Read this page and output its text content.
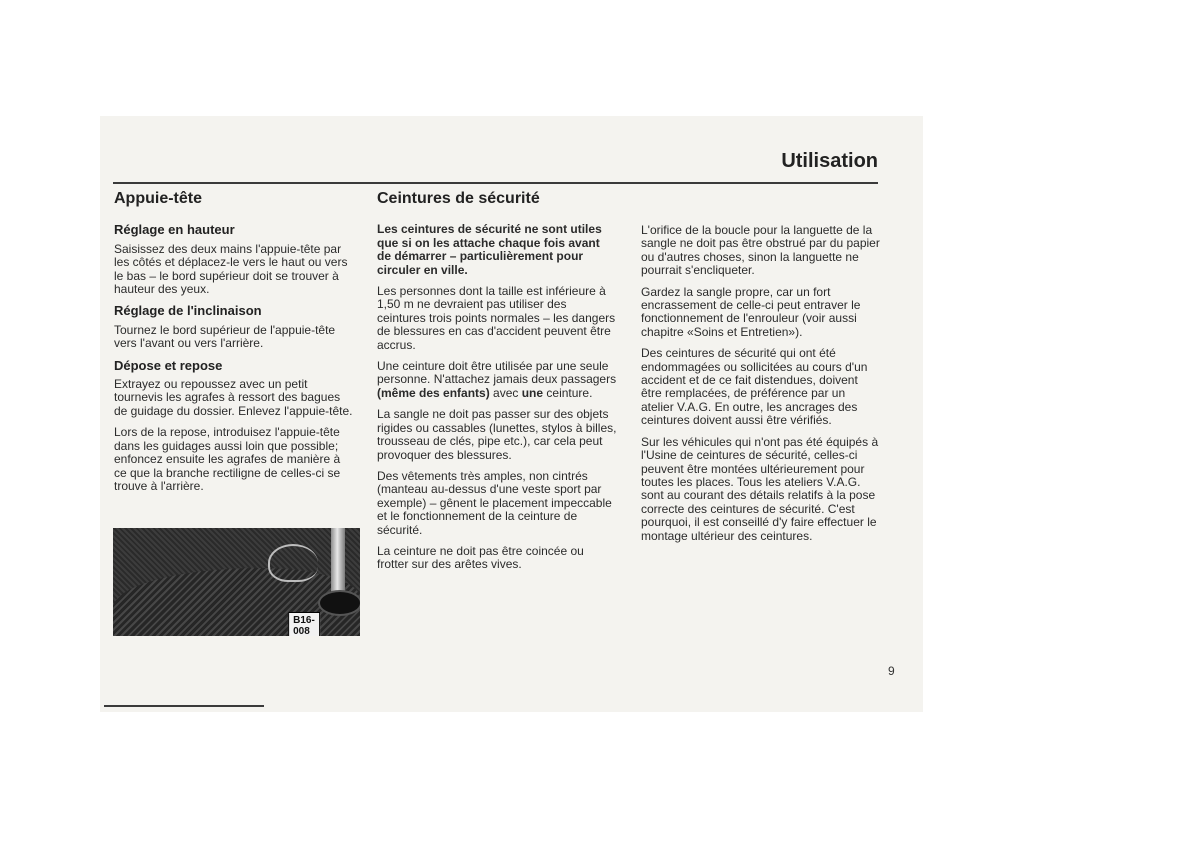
Utilisation
Appuie-tête
Réglage en hauteur

Saisissez des deux mains l'appuie-tête par les côtés et déplacez-le vers le haut ou vers le bas – le bord supérieur doit se trouver à hauteur des yeux.

Réglage de l'inclinaison

Tournez le bord supérieur de l'appuie-tête vers l'avant ou vers l'arrière.

Dépose et repose

Extrayez ou repoussez avec un petit tournevis les agrafes à ressort des bagues de guidage du dossier. Enlevez l'appuie-tête.

Lors de la repose, introduisez l'appuie-tête dans les guidages aussi loin que possible; enfoncez ensuite les agrafes de manière à ce que la branche rectiligne de celles-ci se trouve à l'arrière.

B16-008
Ceintures de sécurité

Les ceintures de sécurité ne sont utiles que si on les attache chaque fois avant de démarrer – particulièrement pour circuler en ville.

Les personnes dont la taille est inférieure à 1,50 m ne devraient pas utiliser des ceintures trois points normales – les dangers de blessures en cas d'accident peuvent être accrus.

Une ceinture doit être utilisée par une seule personne. N'attachez jamais deux passagers (même des enfants) avec une ceinture.

La sangle ne doit pas passer sur des objets rigides ou cassables (lunettes, stylos à billes, trousseau de clés, pipe etc.), car cela peut provoquer des blessures.

Des vêtements très amples, non cintrés (manteau au-dessus d'une veste sport par exemple) – gênent le placement impeccable et le fonctionnement de la ceinture de sécurité.

La ceinture ne doit pas être coincée ou frotter sur des arêtes vives.

L'orifice de la boucle pour la languette de la sangle ne doit pas être obstrué par du papier ou d'autres choses, sinon la languette ne pourrait s'encliqueter.

Gardez la sangle propre, car un fort encrassement de celle-ci peut entraver le fonctionnement de l'enrouleur (voir aussi chapitre «Soins et Entretien»).

Des ceintures de sécurité qui ont été endommagées ou sollicitées au cours d'un accident et de ce fait distendues, doivent être remplacées, de préférence par un atelier V.A.G. En outre, les ancrages des ceintures doivent aussi être vérifiés.

Sur les véhicules qui n'ont pas été équipés à l'Usine de ceintures de sécurité, celles-ci peuvent être montées ultérieurement pour toutes les places. Tous les ateliers V.A.G. sont au courant des détails relatifs à la pose correcte des ceintures de sécurité. C'est pourquoi, il est conseillé d'y faire effectuer le montage ultérieur des ceintures.

9
